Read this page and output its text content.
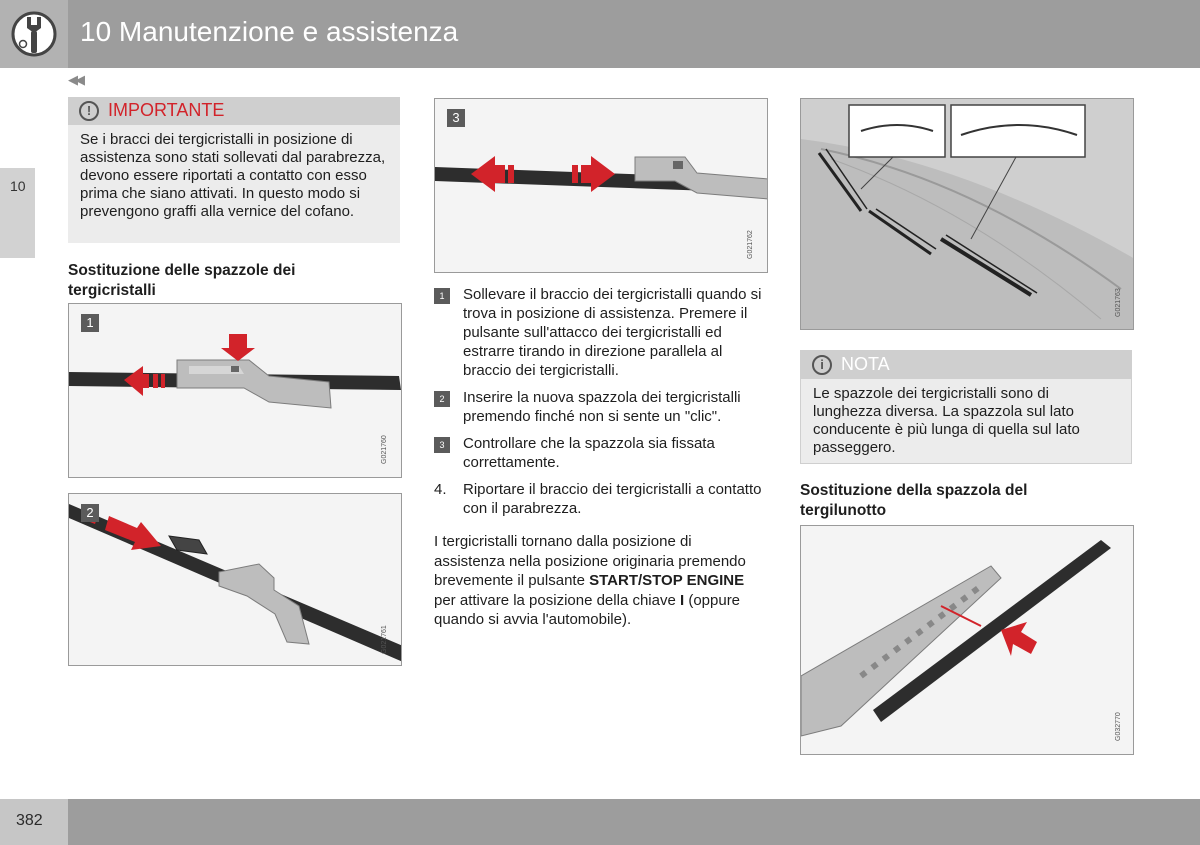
10 Manutenzione e assistenza
◀◀
10
! IMPORTANTE
Se i bracci dei tergicristalli in posizione di assistenza sono stati sollevati dal parabrezza, devono essere riportati a contatto con esso prima che siano attivati. In questo modo si prevengono graffi alla vernice del cofano.
Sostituzione delle spazzole dei tergicristalli
1
G021760
2
G021761
3
G021762
1	Sollevare il braccio dei tergicristalli quando si trova in posizione di assistenza. Premere il pulsante sull'attacco dei tergicristalli ed estrarre tirando in direzione parallela al braccio dei tergicristalli.
2	Inserire la nuova spazzola dei tergicristalli premendo finché non si sente un "clic".
3	Controllare che la spazzola sia fissata correttamente.
4. Riportare il braccio dei tergicristalli a contatto con il parabrezza.
I tergicristalli tornano dalla posizione di assistenza nella posizione originaria premendo brevemente il pulsante START/STOP ENGINE per attivare la posizione della chiave I (oppure quando si avvia l'automobile).
G021763
i NOTA
Le spazzole dei tergicristalli sono di lunghezza diversa. La spazzola sul lato conducente è più lunga di quella sul lato passeggero.
Sostituzione della spazzola del tergilunotto
G032770
382
